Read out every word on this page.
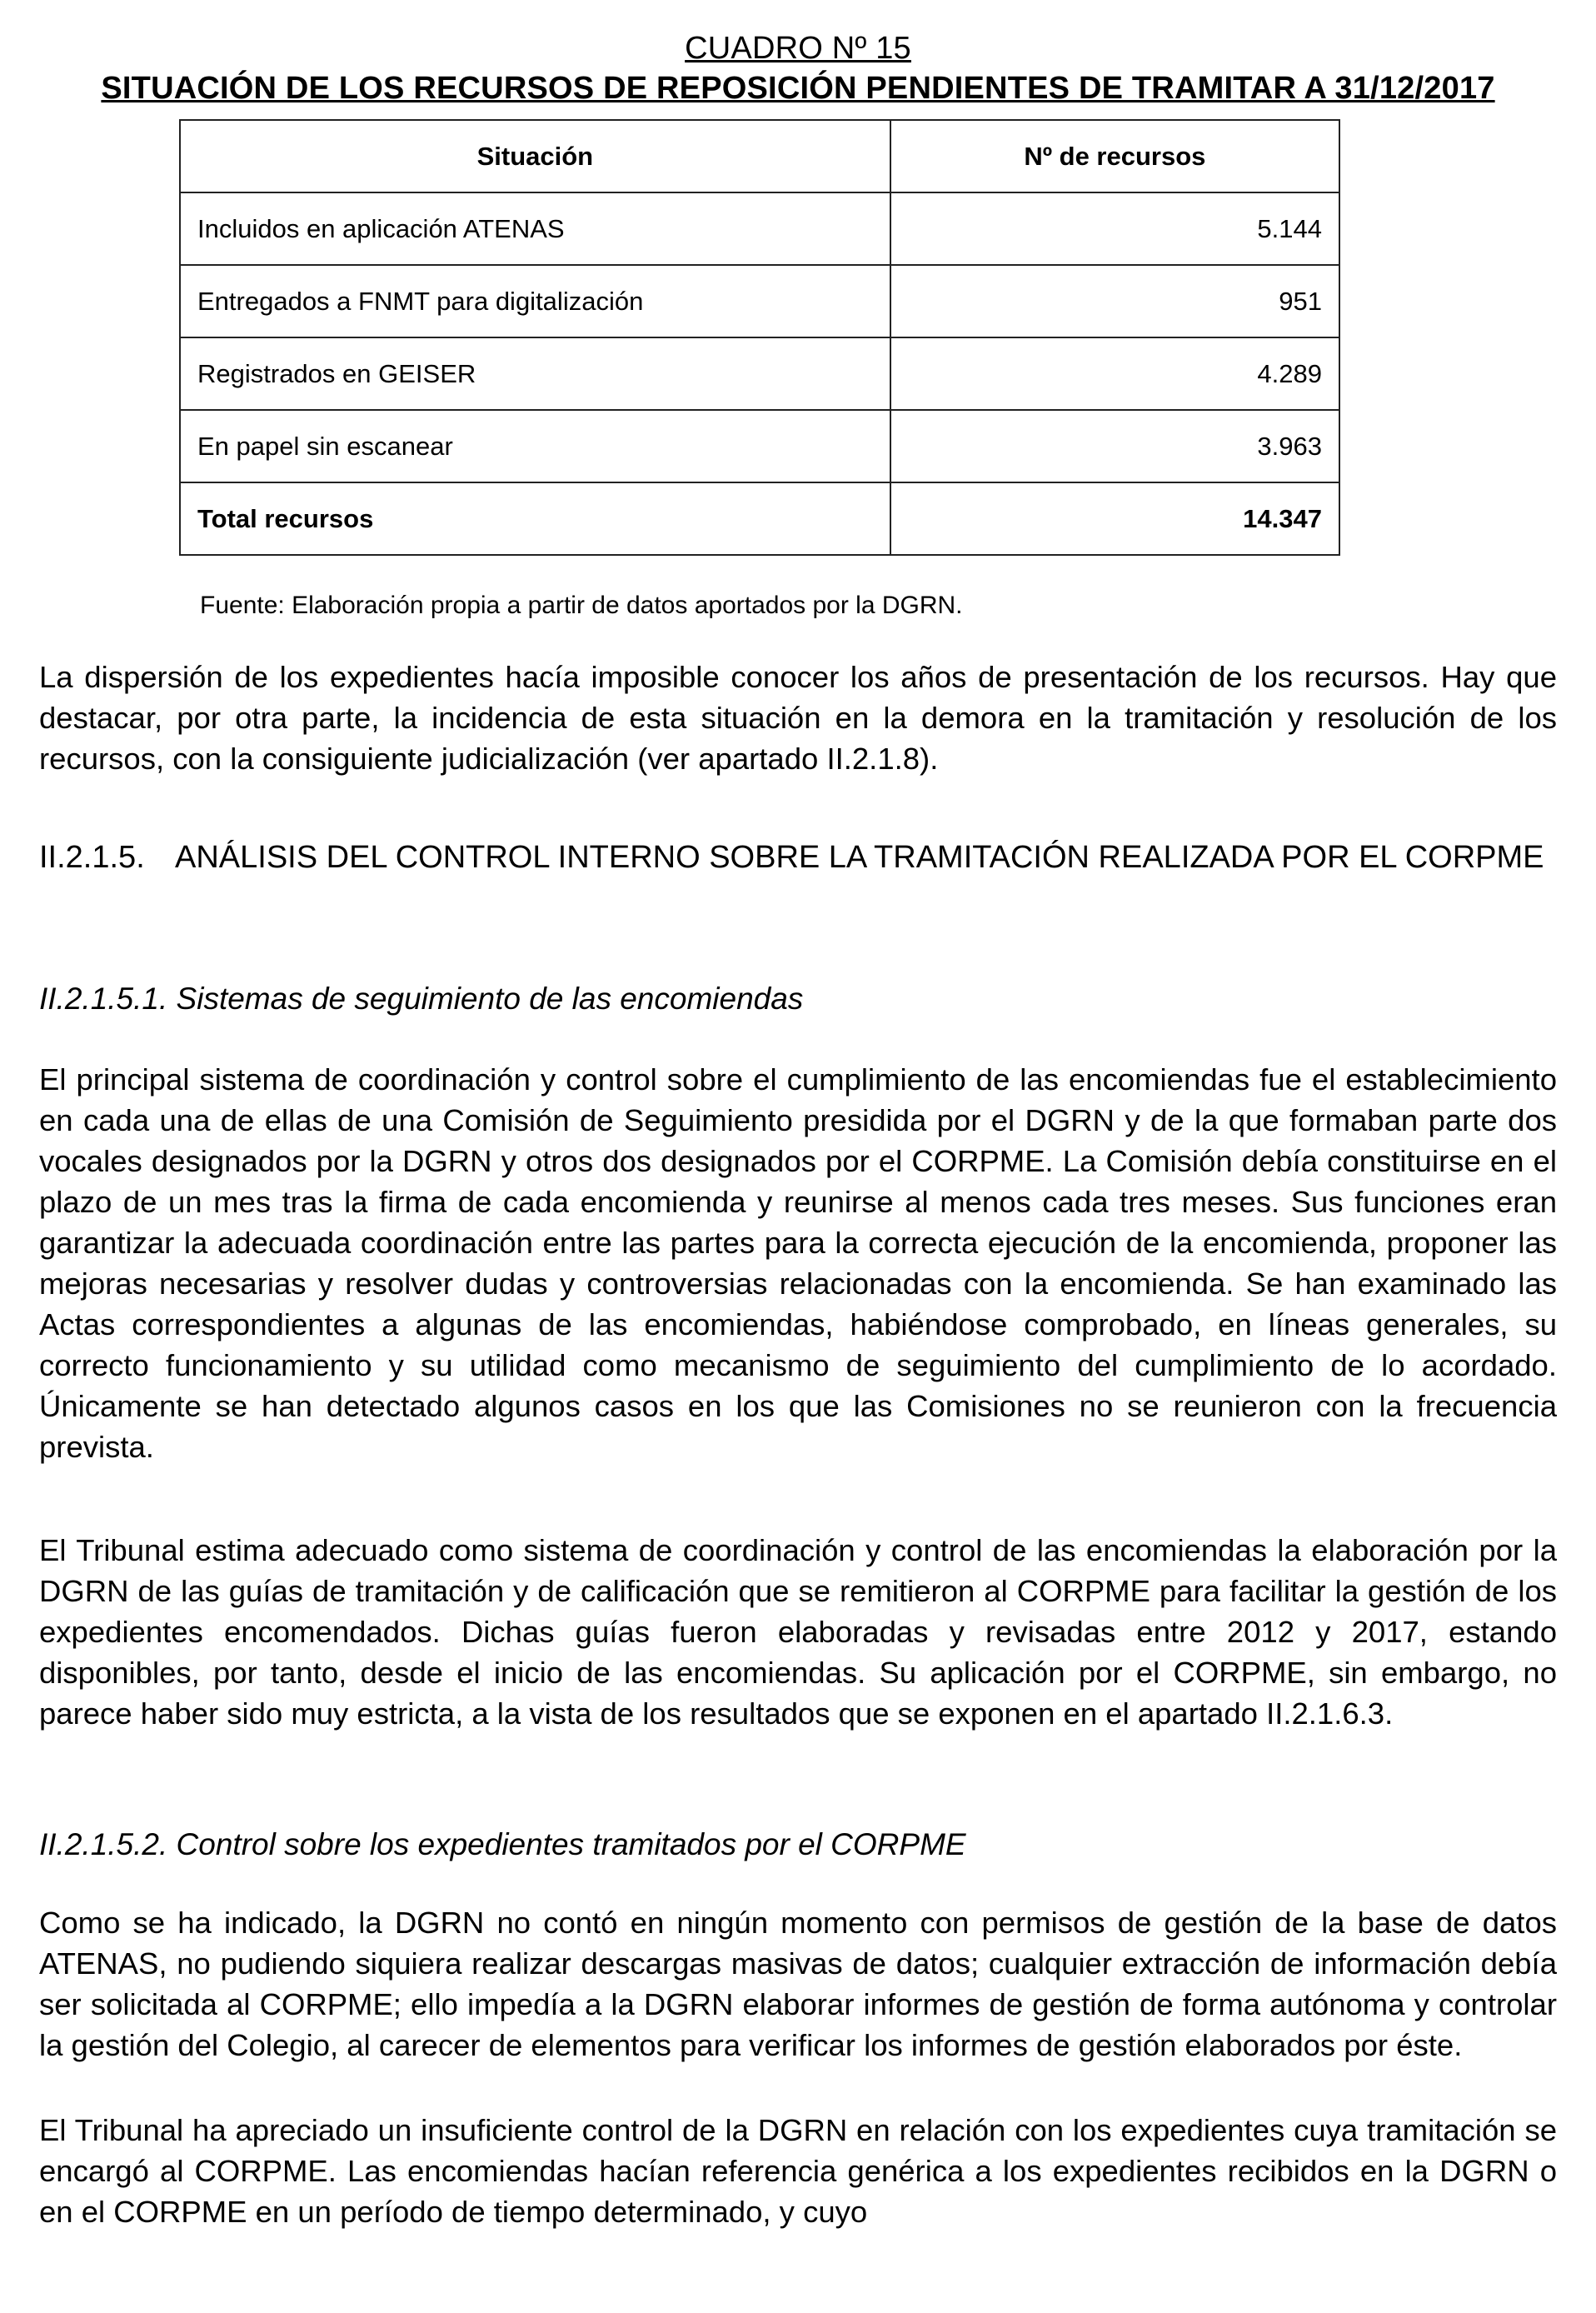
CUADRO Nº 15
SITUACIÓN DE LOS RECURSOS DE REPOSICIÓN PENDIENTES DE TRAMITAR A 31/12/2017
Situación	Nº de recursos
Incluidos en aplicación ATENAS	5.144
Entregados a FNMT para digitalización	951
Registrados en GEISER	4.289
En papel sin escanear	3.963
Total recursos	14.347
Fuente: Elaboración propia a partir de datos aportados por la DGRN.

La dispersión de los expedientes hacía imposible conocer los años de presentación de los recursos. Hay que destacar, por otra parte, la incidencia de esta situación en la demora en la tramitación y resolución de los recursos, con la consiguiente judicialización (ver apartado II.2.1.8).

II.2.1.5. ANÁLISIS DEL CONTROL INTERNO SOBRE LA TRAMITACIÓN REALIZADA POR EL CORPME
II.2.1.5.1. Sistemas de seguimiento de las encomiendas

El principal sistema de coordinación y control sobre el cumplimiento de las encomiendas fue el establecimiento en cada una de ellas de una Comisión de Seguimiento presidida por el DGRN y de la que formaban parte dos vocales designados por la DGRN y otros dos designados por el CORPME. La Comisión debía constituirse en el plazo de un mes tras la firma de cada encomienda y reunirse al menos cada tres meses. Sus funciones eran garantizar la adecuada coordinación entre las partes para la correcta ejecución de la encomienda, proponer las mejoras necesarias y resolver dudas y controversias relacionadas con la encomienda. Se han examinado las Actas correspondientes a algunas de las encomiendas, habiéndose comprobado, en líneas generales, su correcto funcionamiento y su utilidad como mecanismo de seguimiento del cumplimiento de lo acordado. Únicamente se han detectado algunos casos en los que las Comisiones no se reunieron con la frecuencia prevista.

El Tribunal estima adecuado como sistema de coordinación y control de las encomiendas la elaboración por la DGRN de las guías de tramitación y de calificación que se remitieron al CORPME para facilitar la gestión de los expedientes encomendados. Dichas guías fueron elaboradas y revisadas entre 2012 y 2017, estando disponibles, por tanto, desde el inicio de las encomiendas. Su aplicación por el CORPME, sin embargo, no parece haber sido muy estricta, a la vista de los resultados que se exponen en el apartado II.2.1.6.3.

II.2.1.5.2. Control sobre los expedientes tramitados por el CORPME

Como se ha indicado, la DGRN no contó en ningún momento con permisos de gestión de la base de datos ATENAS, no pudiendo siquiera realizar descargas masivas de datos; cualquier extracción de información debía ser solicitada al CORPME; ello impedía a la DGRN elaborar informes de gestión de forma autónoma y controlar la gestión del Colegio, al carecer de elementos para verificar los informes de gestión elaborados por éste.

El Tribunal ha apreciado un insuficiente control de la DGRN en relación con los expedientes cuya tramitación se encargó al CORPME. Las encomiendas hacían referencia genérica a los expedientes recibidos en la DGRN o en el CORPME en un período de tiempo determinado, y cuyo
